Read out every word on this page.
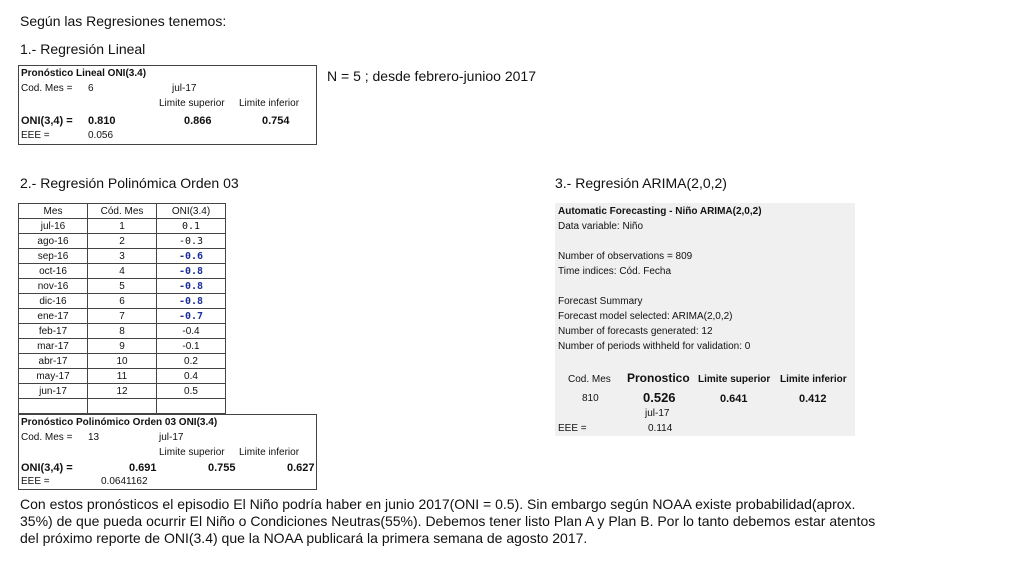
Según las Regresiones tenemos:
1.- Regresión Lineal
N = 5 ; desde febrero-junioo 2017
2.- Regresión Polinómica Orden 03	3.- Regresión ARIMA(2,0,2)
Pronóstico Lineal ONI(3.4)
Cod. Mes = 6	jul-17
Limite superior Limite inferior
ONI(3,4) = 0.810	0.866	0.754
EEE =	0.056
Mes	Cód. Mes	ONI(3.4)	
jul-16	1	0.1	
ago-16	2	-0.3	
sep-16	3	-0.6	
oct-16	4	-0.8	
nov-16	5	-0.8	
dic-16	6	-0.8	
ene-17	7	-0.7	
feb-17	8	-0.4	
mar-17	9	-0.1	
abr-17	10	0.2	
may-17	11	0.4	
jun-17	12	0.5	

Pronóstico Polinómico Orden 03 ONI(3.4)
Cod. Mes = 13	jul-17
Limite superior Limite inferior
ONI(3,4) =	0.691	0.755	0.627
EEE =	0.0641162
Automatic Forecasting - Niño ARIMA(2,0,2)
Data variable: Niño
Number of observations = 809
Time indices: Cód. Fecha
Forecast Summary
Forecast model selected: ARIMA(2,0,2)
Number of forecasts generated: 12
Number of periods withheld for validation: 0
Cod. Mes Pronostico Limite superior Limite inferior
810	0.526	0.641	0.412
jul-17
EEE =	0.114
Con estos pronósticos el episodio El Niño podría haber en junio 2017(ONI = 0.5). Sin embargo según NOAA existe probabilidad(aprox. 35%) de que pueda ocurrir El Niño o Condiciones Neutras(55%). Debemos tener listo Plan A y Plan B. Por lo tanto debemos estar atentos del próximo reporte de ONI(3.4) que la NOAA publicará la primera semana de agosto 2017.
